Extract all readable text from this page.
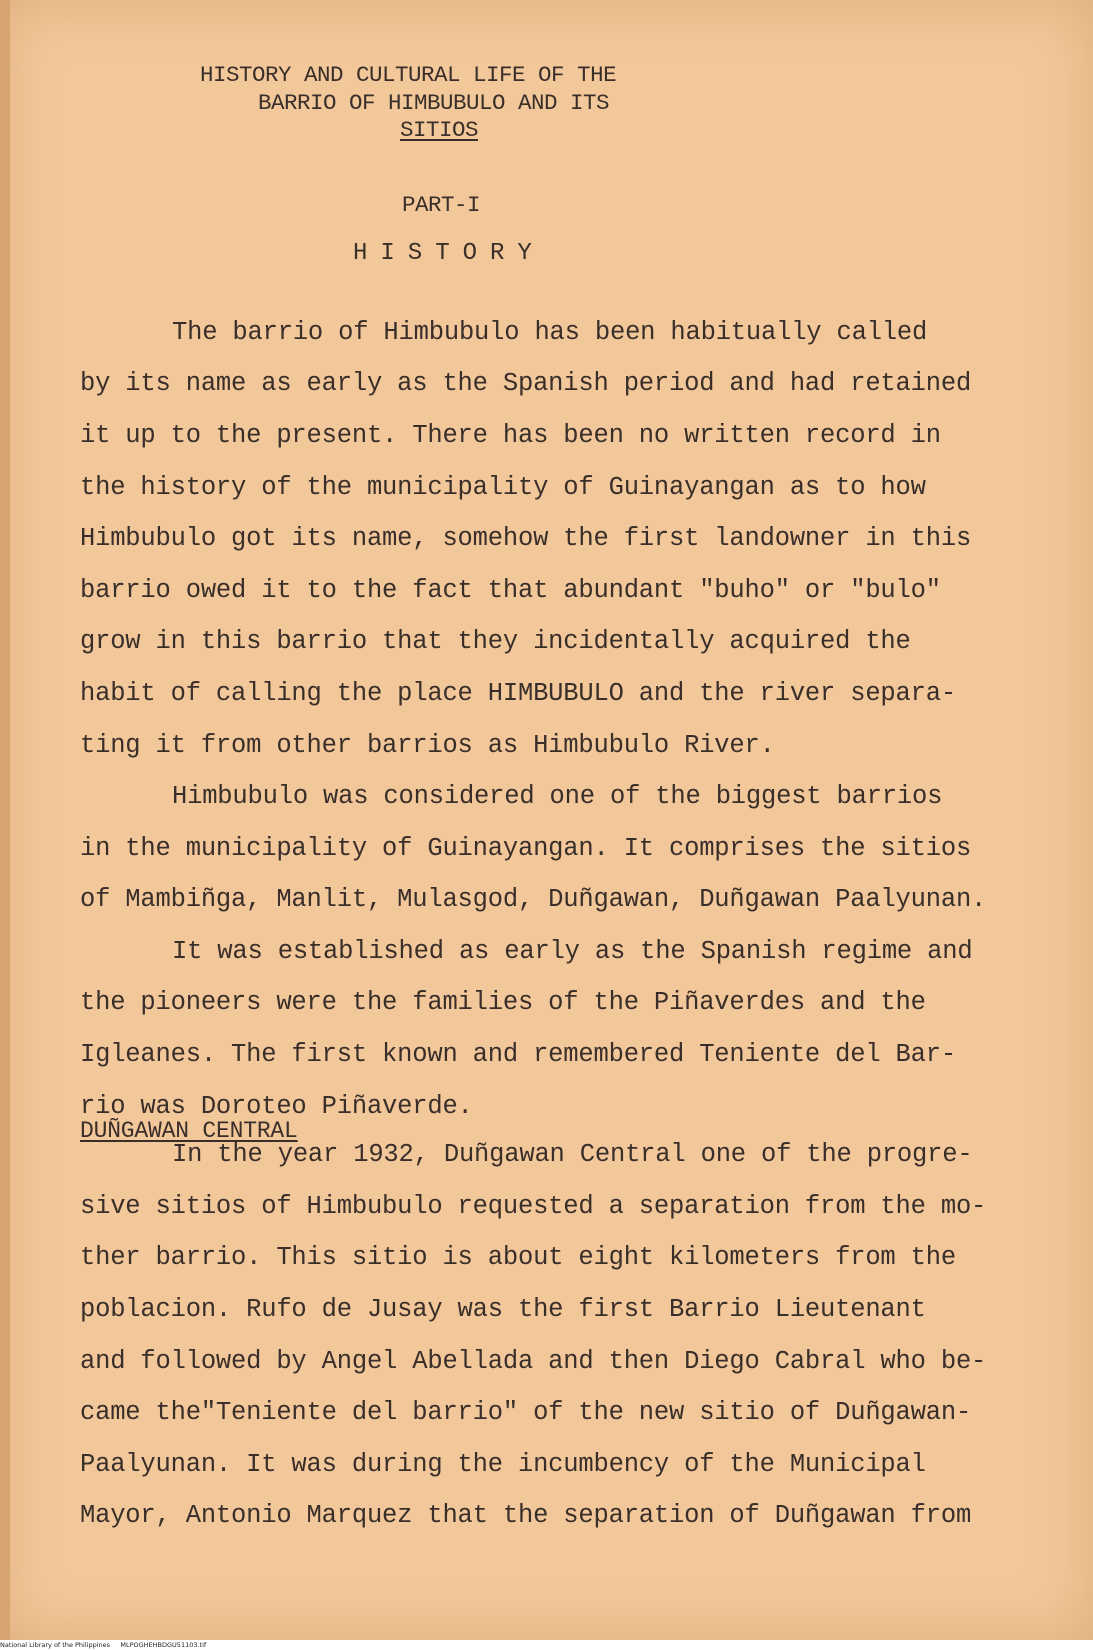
HISTORY AND CULTURAL LIFE OF THE
BARRIO OF HIMBUBULO AND ITS
SITIOS
PART-I
HISTORY
The barrio of Himbubulo has been habitually called
by its name as early as the Spanish period and had retained
it up to the present. There has been no written record in
the history of the municipality of Guinayangan as to how
Himbubulo got its name, somehow the first landowner in this
barrio owed it to the fact that abundant "buho" or "bulo"
grow in this barrio that they incidentally acquired the
habit of calling the place HIMBUBULO and the river separa-
ting it from other barrios as Himbubulo River.
Himbubulo was considered one of the biggest barrios
in the municipality of Guinayangan. It comprises the sitios
of Mambiñga, Manlit, Mulasgod, Duñgawan, Duñgawan Paalyunan.
It was established as early as the Spanish regime and
the pioneers were the families of the Piñaverdes and the
Igleanes. The first known and remembered Teniente del Bar-
rio was Doroteo Piñaverde.
DUÑGAWAN CENTRAL
In the year 1932, Duñgawan Central one of the progre-
sive sitios of Himbubulo requested a separation from the mo-
ther barrio. This sitio is about eight kilometers from the
poblacion. Rufo de Jusay was the first Barrio Lieutenant
and followed by Angel Abellada and then Diego Cabral who be-
came the"Teniente del barrio" of the new sitio of Duñgawan-
Paalyunan. It was during the incumbency of the Municipal
Mayor, Antonio Marquez that the separation of Duñgawan from
National Library of the Philippines     MLPOGHEHBDGU51103.tif
